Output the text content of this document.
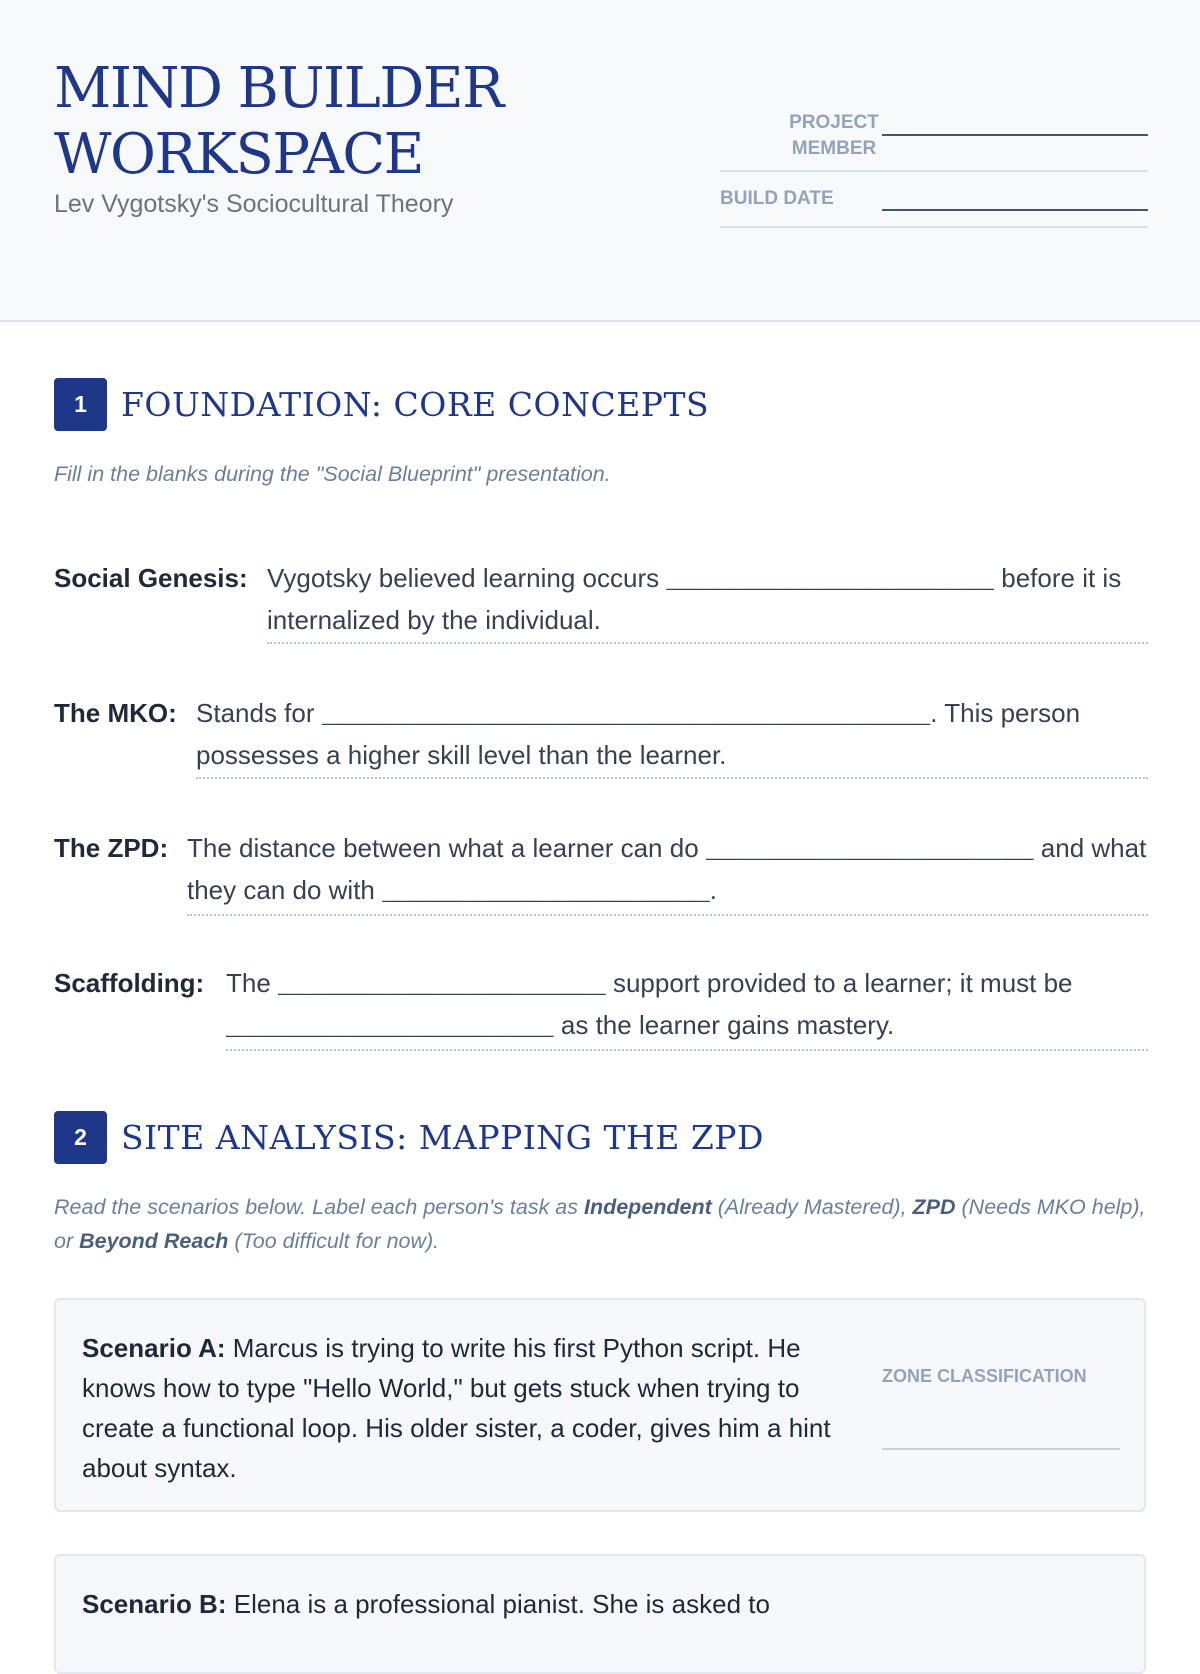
MIND BUILDER
WORKSPACE
Lev Vygotsky's Sociocultural Theory
PROJECT
MEMBER
BUILD DATE
1	FOUNDATION: CORE CONCEPTS
Fill in the blanks during the "Social Blueprint" presentation.
Social Genesis: Vygotsky believed learning occurs _____________________ before it is internalized by the individual.
The MKO: Stands for _______________________________________. This person possesses a higher skill level than the learner.
The ZPD: The distance between what a learner can do _____________________ and what they can do with _____________________.
Scaffolding: The _____________________ support provided to a learner; it must be _____________________ as the learner gains mastery.
2	SITE ANALYSIS: MAPPING THE ZPD
Read the scenarios below. Label each person's task as Independent (Already Mastered), ZPD (Needs MKO help), or Beyond Reach (Too difficult for now).
Scenario A: Marcus is trying to write his first Python script. He knows how to type "Hello World," but gets stuck when trying to create a functional loop. His older sister, a coder, gives him a hint about syntax.
ZONE CLASSIFICATION
Scenario B: Elena is a professional pianist. She is asked to
